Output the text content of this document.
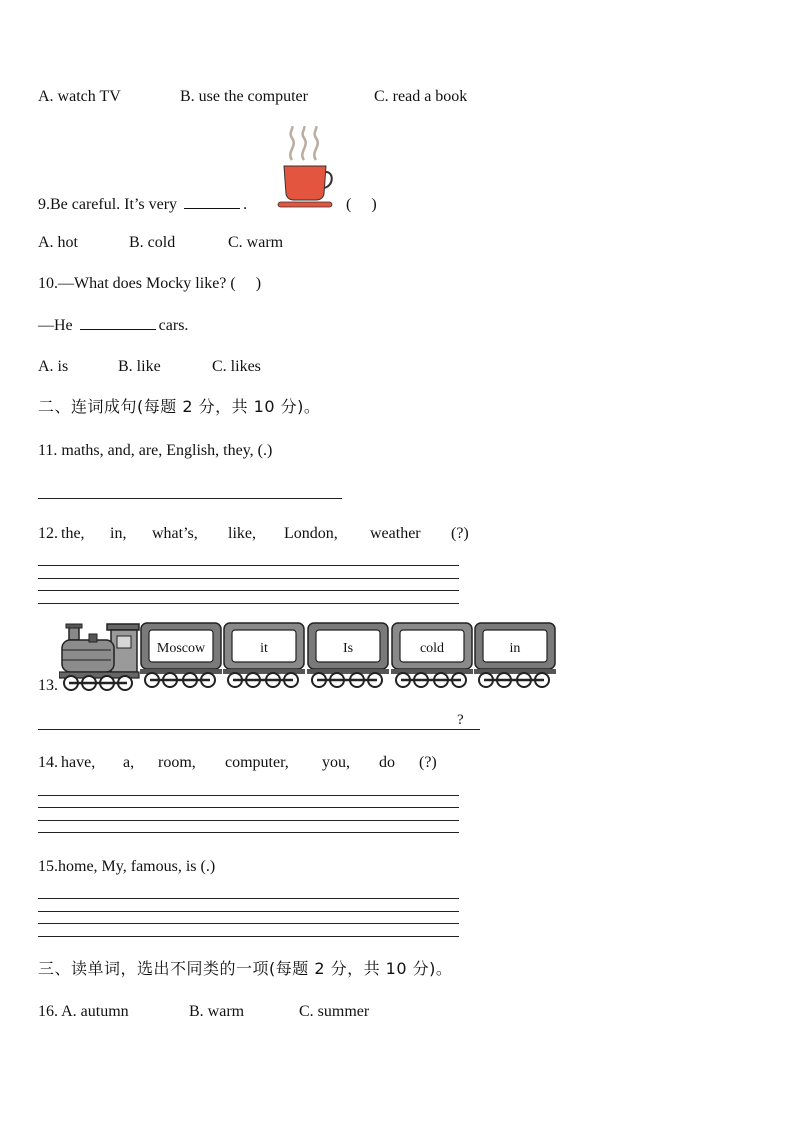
A. watch TV	B. use the computer	C. read a book
9.Be careful. It’s very	.	(     )
A. hot	B. cold	C. warm
10.—What does Mocky like? (     )
—He	cars.
A. is	B. like	C. likes
二、连词成句(每题 2 分，共 10 分)。
11. maths, and, are, English, they, (.)
12. the, in, what’s, like, London, weather (?)
13.
Moscow	it	Is	cold	in
?
14. have, a, room, computer, you, do (?)
15.home, My, famous, is (.)
三、读单词，选出不同类的一项(每题 2 分，共 10 分)。
16. A. autumn	B. warm	C. summer
